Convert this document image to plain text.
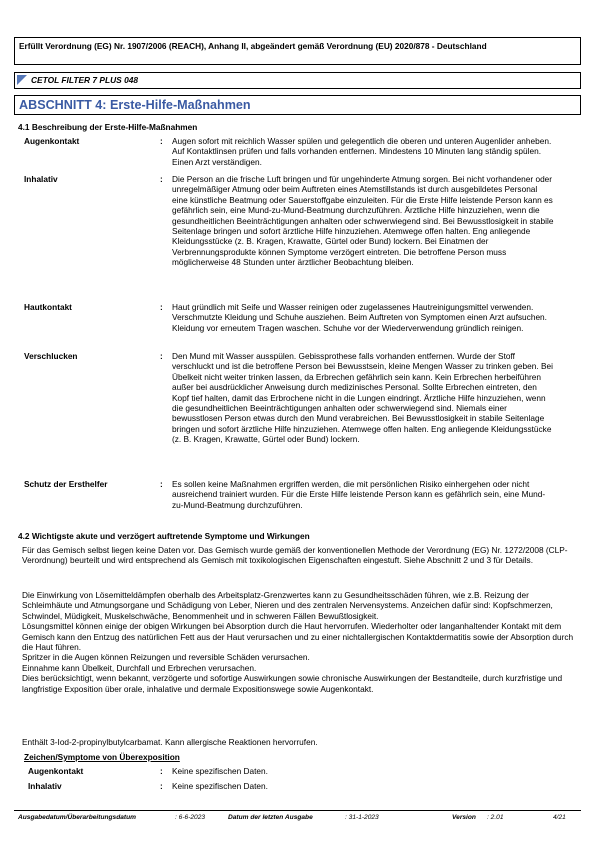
Erfüllt Verordnung (EG) Nr. 1907/2006 (REACH), Anhang II, abgeändert gemäß Verordnung (EU) 2020/878 - Deutschland
CETOL FILTER 7 PLUS 048
ABSCHNITT 4: Erste-Hilfe-Maßnahmen
4.1 Beschreibung der Erste-Hilfe-Maßnahmen
Augenkontakt	: Augen sofort mit reichlich Wasser spülen und gelegentlich die oberen und unteren Augenlider anheben. Auf Kontaktlinsen prüfen und falls vorhanden entfernen. Mindestens 10 Minuten lang ständig spülen. Einen Arzt verständigen.
Inhalativ	: Die Person an die frische Luft bringen und für ungehinderte Atmung sorgen. Bei nicht vorhandener oder unregelmäßiger Atmung oder beim Auftreten eines Atemstillstands ist durch ausgebildetes Personal eine künstliche Beatmung oder Sauerstoffgabe einzuleiten. Für die Erste Hilfe leistende Person kann es gefährlich sein, eine Mund-zu-Mund-Beatmung durchzuführen. Ärztliche Hilfe hinzuziehen, wenn die gesundheitlichen Beeinträchtigungen anhalten oder schwerwiegend sind. Bei Bewusstlosigkeit in stabile Seitenlage bringen und sofort ärztliche Hilfe hinzuziehen. Atemwege offen halten. Eng anliegende Kleidungsstücke (z. B. Kragen, Krawatte, Gürtel oder Bund) lockern. Bei Einatmen der Verbrennungsprodukte können Symptome verzögert eintreten. Die betroffene Person muss möglicherweise 48 Stunden unter ärztlicher Beobachtung bleiben.
Hautkontakt	: Haut gründlich mit Seife und Wasser reinigen oder zugelassenes Hautreinigungsmittel verwenden. Verschmutzte Kleidung und Schuhe ausziehen. Beim Auftreten von Symptomen einen Arzt aufsuchen. Kleidung vor erneutem Tragen waschen. Schuhe vor der Wiederverwendung gründlich reinigen.
Verschlucken	: Den Mund mit Wasser ausspülen. Gebissprothese falls vorhanden entfernen. Wurde der Stoff verschluckt und ist die betroffene Person bei Bewusstsein, kleine Mengen Wasser zu trinken geben. Bei Übelkeit nicht weiter trinken lassen, da Erbrechen gefährlich sein kann. Kein Erbrechen herbeiführen außer bei ausdrücklicher Anweisung durch medizinisches Personal. Sollte Erbrechen eintreten, den Kopf tief halten, damit das Erbrochene nicht in die Lungen eindringt. Ärztliche Hilfe hinzuziehen, wenn die gesundheitlichen Beeinträchtigungen anhalten oder schwerwiegend sind. Niemals einer bewusstlosen Person etwas durch den Mund verabreichen. Bei Bewusstlosigkeit in stabile Seitenlage bringen und sofort ärztliche Hilfe hinzuziehen. Atemwege offen halten. Eng anliegende Kleidungsstücke (z. B. Kragen, Krawatte, Gürtel oder Bund) lockern.
Schutz der Ersthelfer	: Es sollen keine Maßnahmen ergriffen werden, die mit persönlichen Risiko einhergehen oder nicht ausreichend trainiert wurden. Für die Erste Hilfe leistende Person kann es gefährlich sein, eine Mund-zu-Mund-Beatmung durchzuführen.
4.2 Wichtigste akute und verzögert auftretende Symptome und Wirkungen

Für das Gemisch selbst liegen keine Daten vor. Das Gemisch wurde gemäß der konventionellen Methode der Verordnung (EG) Nr. 1272/2008 (CLP-Verordnung) beurteilt und wird entsprechend als Gemisch mit toxikologischen Eigenschaften eingestuft. Siehe Abschnitt 2 und 3 für Details.

Die Einwirkung von Lösemitteldämpfen oberhalb des Arbeitsplatz-Grenzwertes kann zu Gesundheitsschäden führen, wie z.B. Reizung der Schleimhäute und Atmungsorgane und Schädigung von Leber, Nieren und des zentralen Nervensystems. Anzeichen dafür sind: Kopfschmerzen, Schwindel, Müdigkeit, Muskelschwäche, Benommenheit und in schweren Fällen Bewußtlosigkeit.

Lösungsmittel können einige der obigen Wirkungen bei Absorption durch die Haut hervorrufen. Wiederholter oder langanhaltender Kontakt mit dem Gemisch kann den Entzug des natürlichen Fett aus der Haut verursachen und zu einer nichtallergischen Kontaktdermatitis sowie der Absorption durch die Haut führen.

Spritzer in die Augen können Reizungen und reversible Schäden verursachen.

Einnahme kann Übelkeit, Durchfall und Erbrechen verursachen.

Dies berücksichtigt, wenn bekannt, verzögerte und sofortige Auswirkungen sowie chronische Auswirkungen der Bestandteile, durch kurzfristige und langfristige Exposition über orale, inhalative und dermale Expositionswege sowie Augenkontakt.

Enthält 3-Iod-2-propinylbutylcarbamat. Kann allergische Reaktionen hervorrufen.

Zeichen/Symptome von Überexposition
Augenkontakt	: Keine spezifischen Daten.
Inhalativ	: Keine spezifischen Daten.
Ausgabedatum/Überarbeitungsdatum	: 6-6-2023	Datum der letzten Ausgabe	: 31-1-2023	Version : 2.01	4/21
